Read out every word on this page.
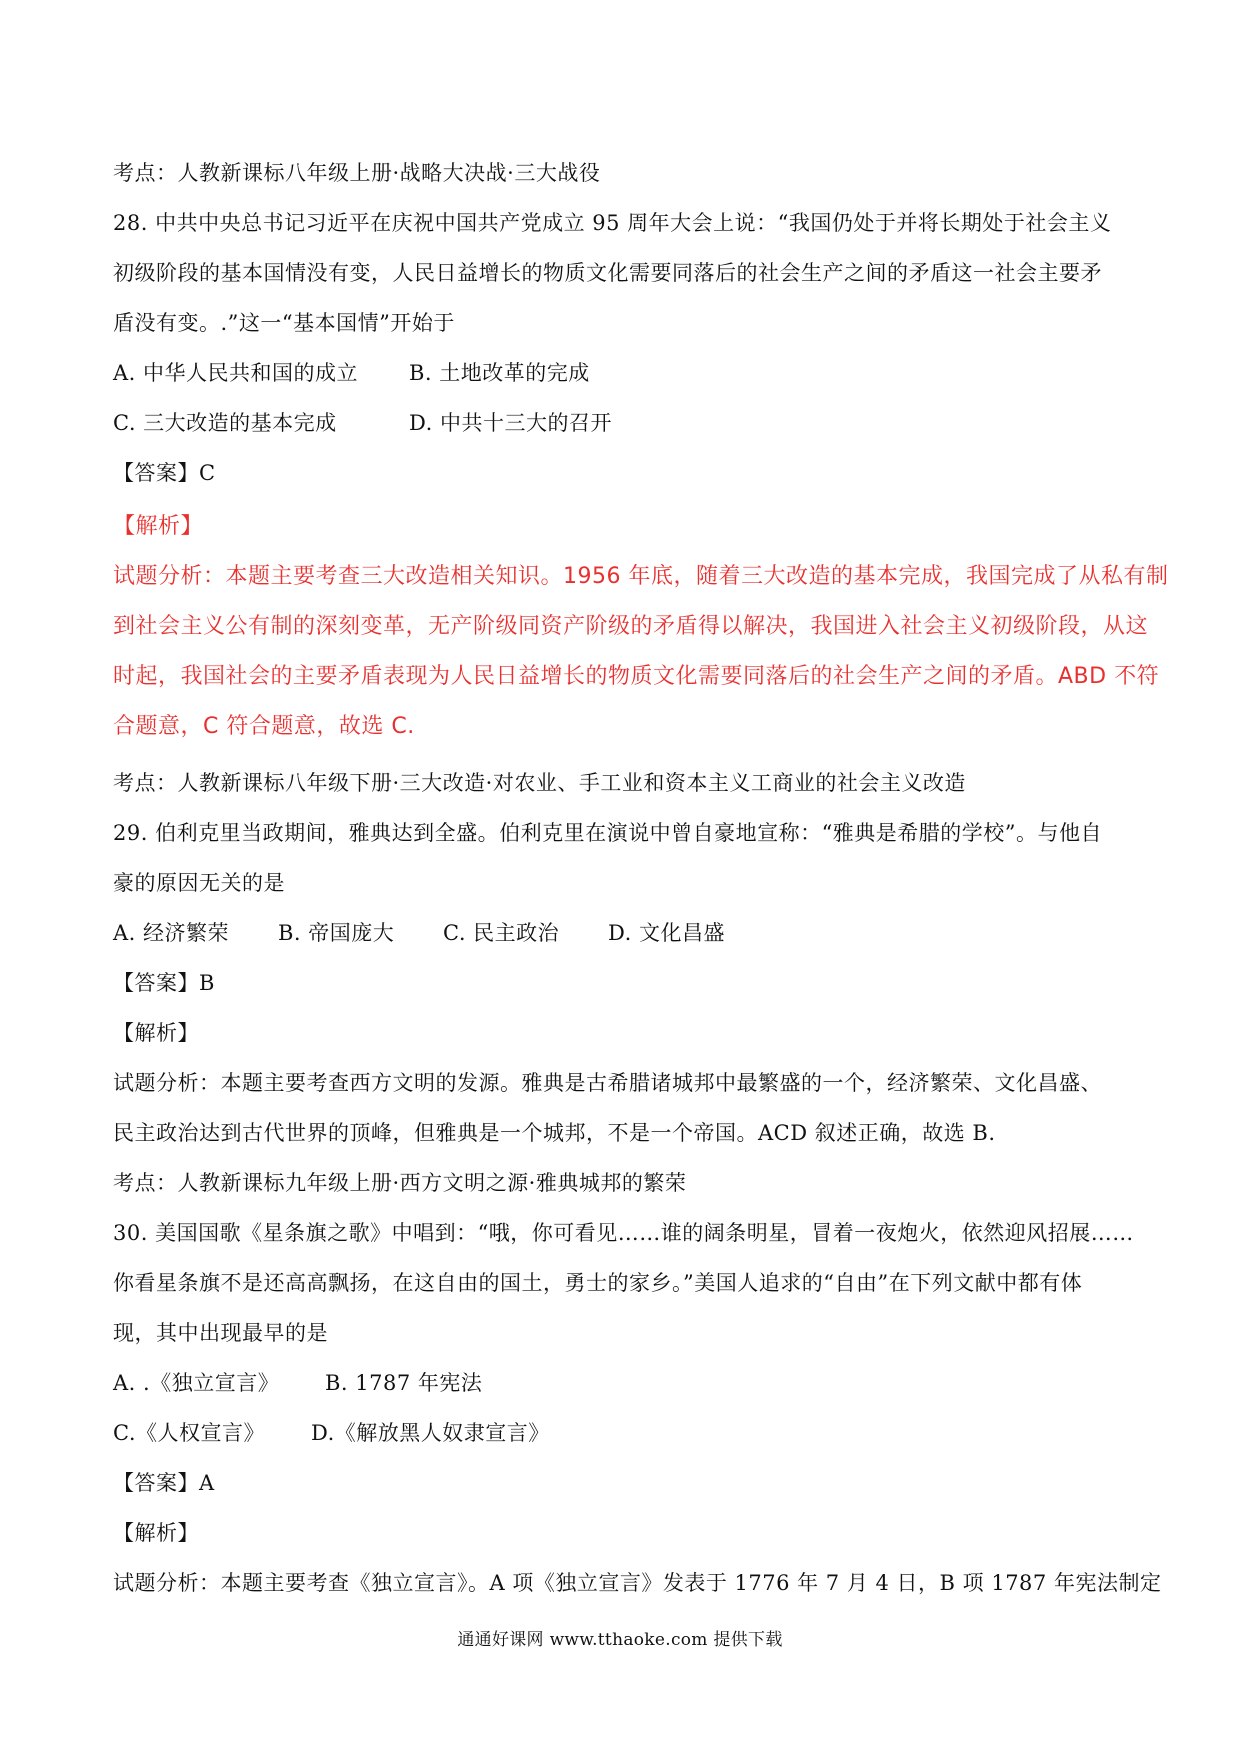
考点：人教新课标八年级上册·战略大决战·三大战役
28. 中共中央总书记习近平在庆祝中国共产党成立 95 周年大会上说：“我国仍处于并将长期处于社会主义
初级阶段的基本国情没有变，人民日益增长的物质文化需要同落后的社会生产之间的矛盾这一社会主要矛
盾没有变。.”这一“基本国情”开始于
A. 中华人民共和国的成立 B. 土地改革的完成
C. 三大改造的基本完成	D. 中共十三大的召开
【答案】C
【解析】
试题分析：本题主要考查三大改造相关知识。1956 年底，随着三大改造的基本完成，我国完成了从私有制
到社会主义公有制的深刻变革，无产阶级同资产阶级的矛盾得以解决，我国进入社会主义初级阶段，从这
时起，我国社会的主要矛盾表现为人民日益增长的物质文化需要同落后的社会生产之间的矛盾。ABD 不符
合题意，C 符合题意，故选 C.
考点：人教新课标八年级下册·三大改造·对农业、手工业和资本主义工商业的社会主义改造
29. 伯利克里当政期间，雅典达到全盛。伯利克里在演说中曾自豪地宣称：“雅典是希腊的学校”。与他自
豪的原因无关的是
A. 经济繁荣 B. 帝国庞大 C. 民主政治 D. 文化昌盛
【答案】B
【解析】
试题分析：本题主要考查西方文明的发源。雅典是古希腊诸城邦中最繁盛的一个，经济繁荣、文化昌盛、
民主政治达到古代世界的顶峰，但雅典是一个城邦，不是一个帝国。ACD 叙述正确，故选 B.
考点：人教新课标九年级上册·西方文明之源·雅典城邦的繁荣
30. 美国国歌《星条旗之歌》中唱到：“哦，你可看见……谁的阔条明星，冒着一夜炮火，依然迎风招展……
你看星条旗不是还高高飘扬，在这自由的国土，勇士的家乡。”美国人追求的“自由”在下列文献中都有体
现，其中出现最早的是
A. .《独立宣言》 B. 1787 年宪法
C.《人权宣言》 D.《解放黑人奴隶宣言》
【答案】A
【解析】
试题分析：本题主要考查《独立宣言》。A 项《独立宣言》发表于 1776 年 7 月 4 日，B 项 1787 年宪法制定
通通好课网 www.tthaoke.com 提供下载
